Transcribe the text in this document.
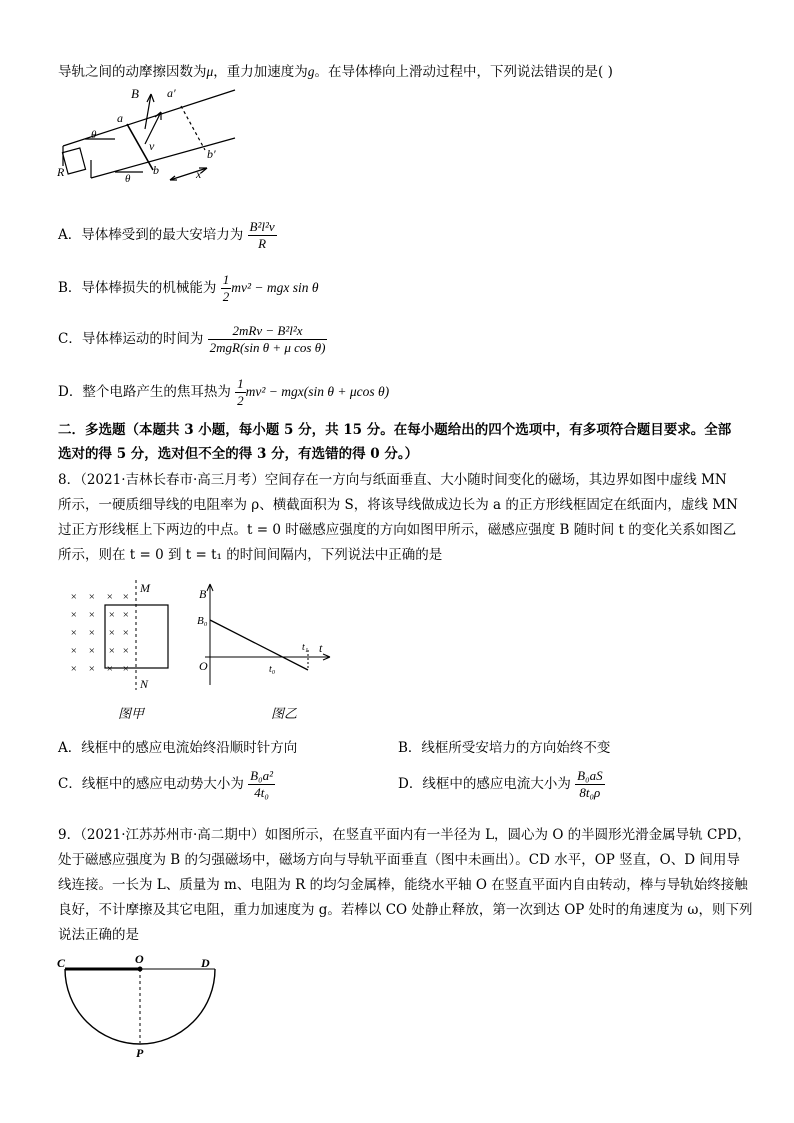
导轨之间的动摩擦因数为μ，重力加速度为g。在导体棒向上滑动过程中，下列说法错误的是( )
B a′
a
v
θ
θ
R	b
b′
x
A．导体棒受到的最大安培力为 $\frac{\text{B²l²v}}{R}$
B．导体棒损失的机械能为 $\frac{1}{2} mv^2$ − mgx sin θ
C．导体棒运动的时间为 $\frac{\text{2mRv − B²l²x}}{\text{2mgR(sin θ + μ cos θ)}}$
D．整个电路产生的焦耳热为 $\frac{1}{2} mv^2 - mgx(\sin$ θ + μcos θ)
二．多选题（本题共 3 小题，每小题 5 分，共 15 分。在每小题给出的四个选项中，有多项符合题目要求。全部
选对的得 5 分，选对但不全的得 3 分，有选错的得 0 分。）
8．（2021·吉林长春市·高三月考）空间存在一方向与纸面垂直、大小随时间变化的磁场，其边界如图中虚线 MN
所示，一硬质细导线的电阻率为 ρ、横截面积为 S，将该导线做成边长为 a 的正方形线框固定在纸面内，虚线 MN
过正方形线框上下两边的中点。t = 0 时磁感应强度的方向如图甲所示，磁感应强度 B 随时间 t 的变化关系如图乙
所示，则在 t = 0 到 t = t₁ 的时间间隔内，下列说法中正确的是
M
N
× × × ×
× × × ×
× × × ×
× × × ×
× × × ×
图甲
B
B₀
O
t
t₀
t₁
图乙
A．线框中的感应电流始终沿顺时针方向	B．线框所受安培力的方向始终不变
C．线框中的感应电动势大小为 $\frac{\text{B₀a²}}{\text{4t₀}}$	D．线框中的感应电流大小为 $\frac{\text{B₀aS}}{\text{8t₀ρ}}$
9．（2021·江苏苏州市·高二期中）如图所示，在竖直平面内有一半径为 L，圆心为 O 的半圆形光滑金属导轨 CPD，
处于磁感应强度为 B 的匀强磁场中，磁场方向与导轨平面垂直（图中未画出）。CD 水平，OP 竖直，O、D 间用导
线连接。一长为 L、质量为 m、电阻为 R 的均匀金属棒，能绕水平轴 O 在竖直平面内自由转动，棒与导轨始终接触
良好，不计摩擦及其它电阻，重力加速度为 g。若棒以 CO 处静止释放，第一次到达 OP 处时的角速度为 ω，则下列
说法正确的是
C	O	D
P
